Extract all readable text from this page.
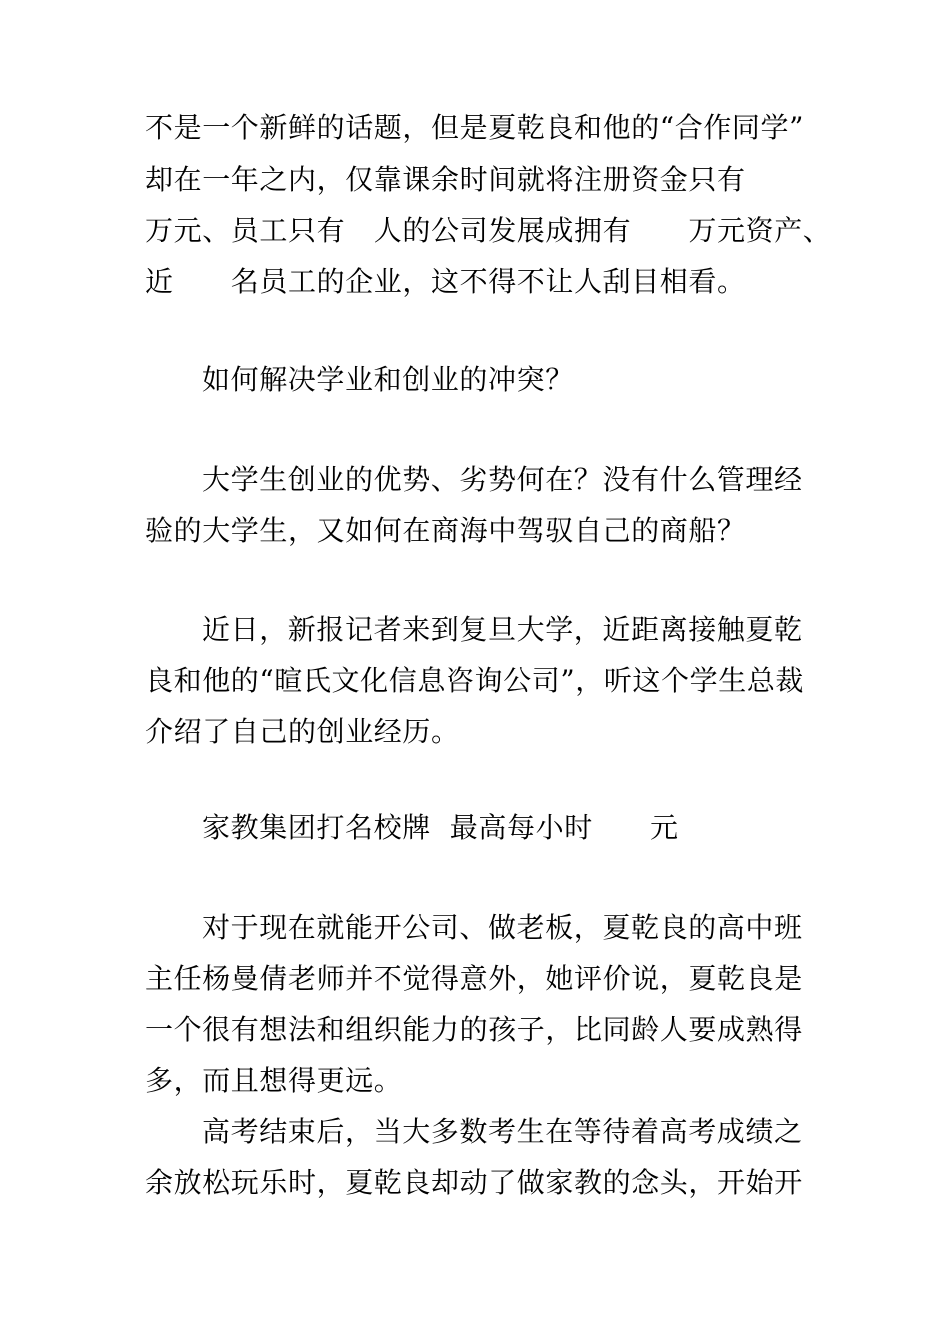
不是一个新鲜的话题，但是夏乾良和他的“合作同学”
却在一年之内，仅靠课余时间就将注册资金只有
万元、员工只有　人的公司发展成拥有　　万元资产、
近　　名员工的企业，这不得不让人刮目相看。
如何解决学业和创业的冲突？
大学生创业的优势、劣势何在？没有什么管理经
验的大学生，又如何在商海中驾驭自己的商船？
近日，新报记者来到复旦大学，近距离接触夏乾
良和他的“暄氏文化信息咨询公司”，听这个学生总裁
介绍了自己的创业经历。
家教集团打名校牌  最高每小时　　元
对于现在就能开公司、做老板，夏乾良的高中班
主任杨曼倩老师并不觉得意外，她评价说，夏乾良是
一个很有想法和组织能力的孩子，比同龄人要成熟得
多，而且想得更远。
高考结束后，当大多数考生在等待着高考成绩之
余放松玩乐时，夏乾良却动了做家教的念头，开始开
